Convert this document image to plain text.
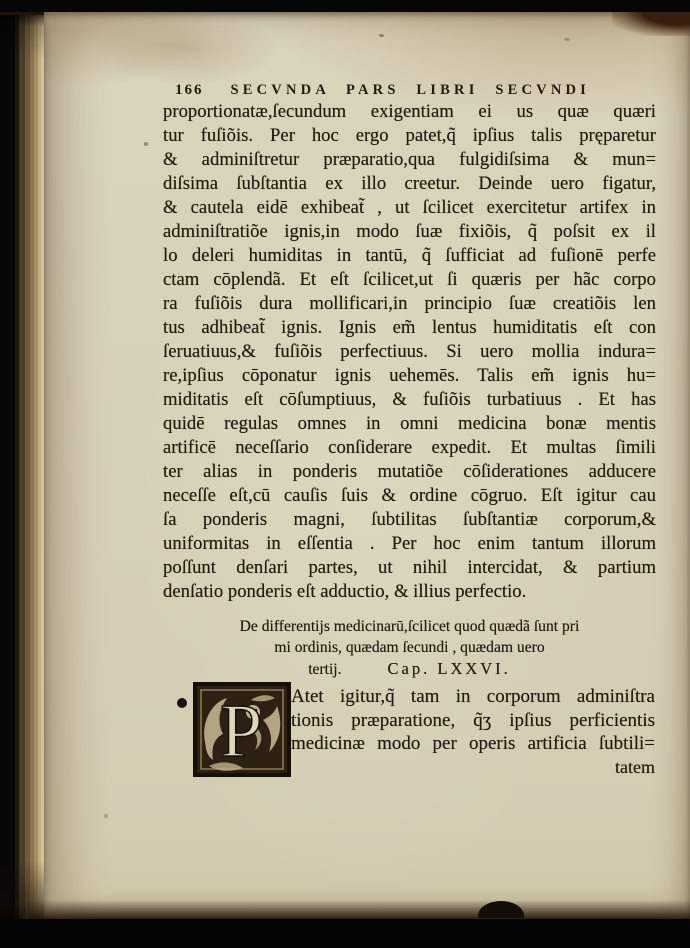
166 SECVNDA PARS LIBRI SECVNDI
proportionatæ,ſecundum exigentiam ei us quæ quæri
tur fuſiõis. Per hoc ergo patet,q̃ ipſius talis pręparetur
& adminiſtretur præparatio,qua fulgidiſsima & mun=
diſsima ſubſtantia ex illo creetur. Deinde uero figatur,
& cautela eidē exhibeat̃ , ut ſcilicet exercitetur artifex in
adminiſtratiõe ignis,in modo ſuæ fixiõis, q̃ poſsit ex il
lo deleri humiditas in tantū, q̃ ſufficiat ad fuſionē perfe
ctam cōplendã. Et eſt ſcilicet,ut ſi quæris per hãc corpo
ra fuſiõis dura mollificari,in principio ſuæ creatiõis len
tus adhibeat̃ ignis. Ignis em̃ lentus humiditatis eſt con
ſeruatiuus,& fuſiõis perfectiuus. Si uero mollia indura=
re,ipſius cōponatur ignis uehemēs. Talis em̃ ignis hu=
miditatis eſt cōſumptiuus, & fuſiõis turbatiuus . Et has
quidē regulas omnes in omni medicina bonæ mentis
artificē neceſſario conſiderare expedit. Et multas ſimili
ter alias in ponderis mutatiõe cōſiderationes adducere
neceſſe eſt,cū cauſis ſuis & ordine cōgruo. Eſt igitur cau
ſa ponderis magni, ſubtilitas ſubſtantiæ corporum,&
uniformitas in eſſentia . Per hoc enim tantum illorum
poſſunt denſari partes, ut nihil intercidat, & partium
denſatio ponderis eſt adductio, & illius perfectio.
De differentijs medicinarū,ſcilicet quod quædã ſunt pri
mi ordinis, quædam ſecundi , quædam uero
tertij.	Cap. LXXVI.
P Atet igitur,q̃ tam in corporum adminiſtra
tionis præparatione, q̃ʒ ipſius perficientis
medicinæ modo per operis artificia ſubtili=
tatem
